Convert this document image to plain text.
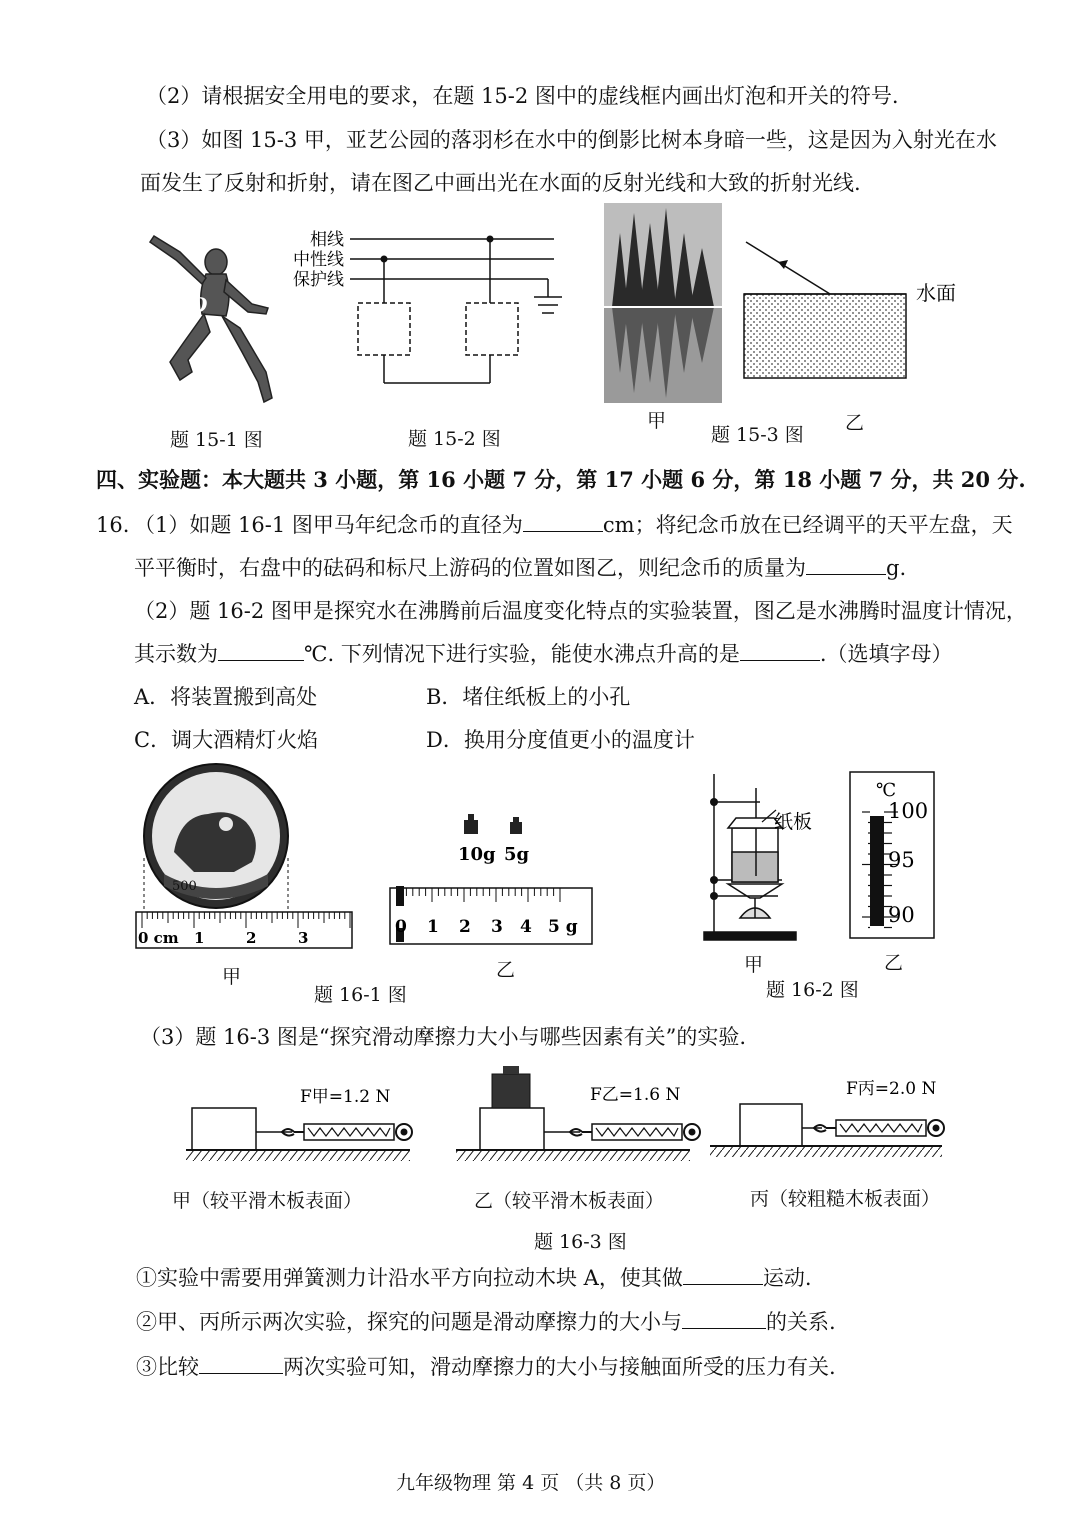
（2）请根据安全用电的要求，在题 15-2 图中的虚线框内画出灯泡和开关的符号.
（3）如图 15-3 甲，亚艺公园的落羽杉在水中的倒影比树本身暗一些，这是因为入射光在水
面发生了反射和折射，请在图乙中画出光在水面的反射光线和大致的折射光线.
O
题 15-1 图
相线
中性线
保护线
题 15-2 图
甲
水面
题 15-3 图
乙
四、实验题：本大题共 3 小题，第 16 小题 7 分，第 17 小题 6 分，第 18 小题 7 分，共 20 分.
16. （1）如题 16-1 图甲马年纪念币的直径为	cm；将纪念币放在已经调平的天平左盘，天
平平衡时，右盘中的砝码和标尺上游码的位置如图乙，则纪念币的质量为	g.
（2）题 16-2 图甲是探究水在沸腾前后温度变化特点的实验装置，图乙是水沸腾时温度计情况，
其示数为	℃. 下列情况下进行实验，能使水沸点升高的是	.（选填字母）
A．将装置搬到高处	B．堵住纸板上的小孔
C．调大酒精灯火焰	D．换用分度值更小的温度计
500
0 cm 1	2	3
甲
10g 5g
0 1 2 3 4 5 g
乙
题 16-1 图
纸板
甲
℃
100
95
90
乙
题 16-2 图
（3）题 16-3 图是“探究滑动摩擦力大小与哪些因素有关”的实验.
F甲=1.2 N	F乙=1.6 N	F丙=2.0 N
甲（较平滑木板表面）	乙（较平滑木板表面）	丙（较粗糙木板表面）
题 16-3 图
①实验中需要用弹簧测力计沿水平方向拉动木块 A，使其做	运动.
②甲、丙所示两次实验，探究的问题是滑动摩擦力的大小与	的关系.
③比较	两次实验可知，滑动摩擦力的大小与接触面所受的压力有关.
九年级物理 第 4 页 （共 8 页）
